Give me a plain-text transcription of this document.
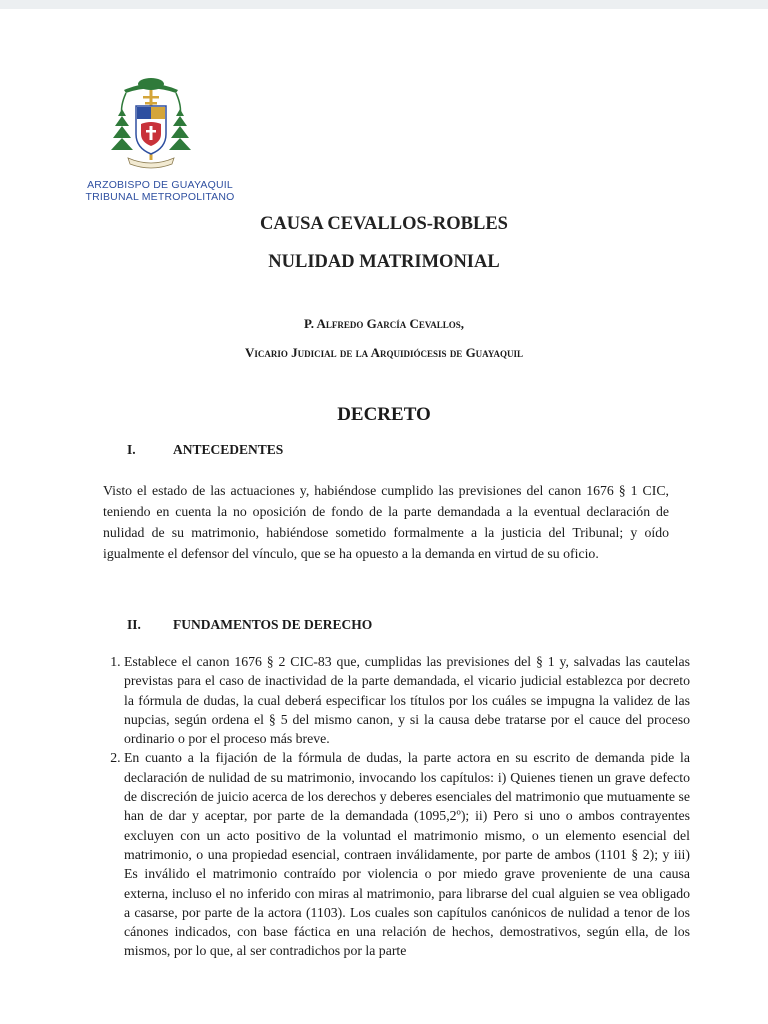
ARZOBISPO DE GUAYAQUIL
TRIBUNAL METROPOLITANO
CAUSA CEVALLOS-ROBLES
NULIDAD MATRIMONIAL
P. Alfredo García Cevallos,
Vicario Judicial de la Arquidiócesis de Guayaquil
DECRETO
I.	ANTECEDENTES
Visto el estado de las actuaciones y, habiéndose cumplido las previsiones del canon 1676 § 1 CIC, teniendo en cuenta la no oposición de fondo de la parte demandada a la eventual declaración de nulidad de su matrimonio, habiéndose sometido formalmente a la justicia del Tribunal; y oído igualmente el defensor del vínculo, que se ha opuesto a la demanda en virtud de su oficio.
II. FUNDAMENTOS DE DERECHO
1. Establece el canon 1676 § 2 CIC-83 que, cumplidas las previsiones del § 1 y, salvadas las cautelas previstas para el caso de inactividad de la parte demandada, el vicario judicial establezca por decreto la fórmula de dudas, la cual deberá especificar los títulos por los cuáles se impugna la validez de las nupcias, según ordena el § 5 del mismo canon, y si la causa debe tratarse por el cauce del proceso ordinario o por el proceso más breve.
2. En cuanto a la fijación de la fórmula de dudas, la parte actora en su escrito de demanda pide la declaración de nulidad de su matrimonio, invocando los capítulos: i) Quienes tienen un grave defecto de discreción de juicio acerca de los derechos y deberes esenciales del matrimonio que mutuamente se han de dar y aceptar, por parte de la demandada (1095,2º); ii) Pero si uno o ambos contrayentes excluyen con un acto positivo de la voluntad el matrimonio mismo, o un elemento esencial del matrimonio, o una propiedad esencial, contraen inválidamente, por parte de ambos (1101 § 2); y iii) Es inválido el matrimonio contraído por violencia o por miedo grave proveniente de una causa externa, incluso el no inferido con miras al matrimonio, para librarse del cual alguien se vea obligado a casarse, por parte de la actora (1103). Los cuales son capítulos canónicos de nulidad a tenor de los cánones indicados, con base fáctica en una relación de hechos, demostrativos, según ella, de los mismos, por lo que, al ser contradichos por la parte
